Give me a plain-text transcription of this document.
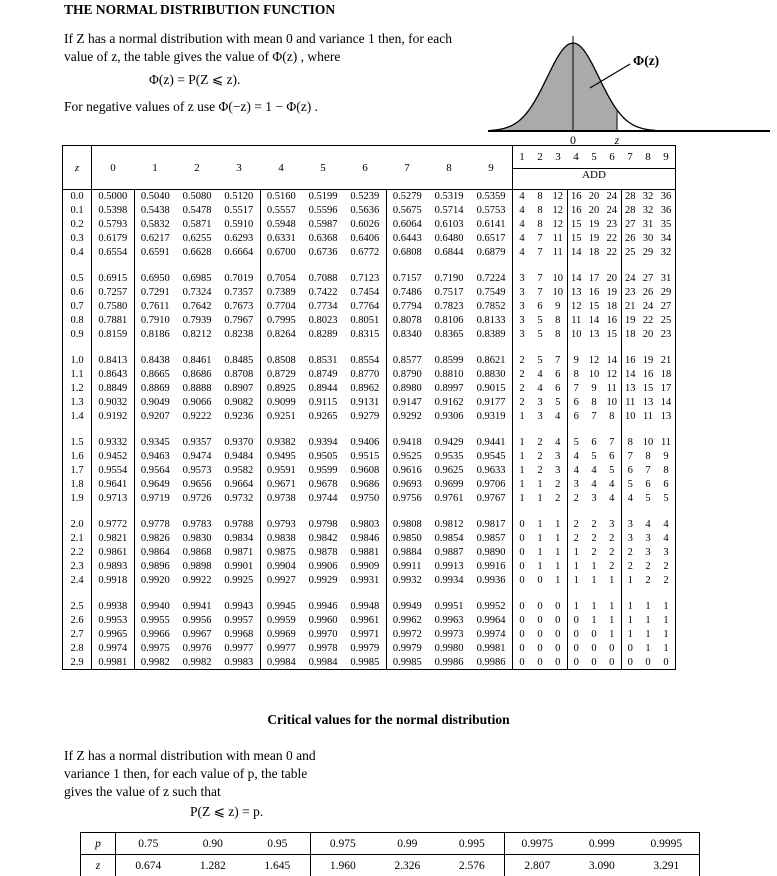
THE NORMAL DISTRIBUTION FUNCTION
If Z has a normal distribution with mean 0 and variance 1 then, for each
value of z, the table gives the value of Φ(z) , where
Φ(z) = P(Z ⩽ z).
For negative values of z use Φ(−z) = 1 − Φ(z) .
Φ(z)
0	z
z	0	1	2	3	4	5	6	7	8	9	1	2	3	4	5	6	7	8	9
											ADD								
0.0	0.5000	0.5040	0.5080	0.5120	0.5160	0.5199	0.5239	0.5279	0.5319	0.5359	4	8	12	16	20	24	28	32	36
0.1	0.5398	0.5438	0.5478	0.5517	0.5557	0.5596	0.5636	0.5675	0.5714	0.5753	4	8	12	16	20	24	28	32	36
0.2	0.5793	0.5832	0.5871	0.5910	0.5948	0.5987	0.6026	0.6064	0.6103	0.6141	4	8	12	15	19	23	27	31	35
0.3	0.6179	0.6217	0.6255	0.6293	0.6331	0.6368	0.6406	0.6443	0.6480	0.6517	4	7	11	15	19	22	26	30	34
0.4	0.6554	0.6591	0.6628	0.6664	0.6700	0.6736	0.6772	0.6808	0.6844	0.6879	4	7	11	14	18	22	25	29	32

0.5	0.6915	0.6950	0.6985	0.7019	0.7054	0.7088	0.7123	0.7157	0.7190	0.7224	3	7	10	14	17	20	24	27	31
0.6	0.7257	0.7291	0.7324	0.7357	0.7389	0.7422	0.7454	0.7486	0.7517	0.7549	3	7	10	13	16	19	23	26	29
0.7	0.7580	0.7611	0.7642	0.7673	0.7704	0.7734	0.7764	0.7794	0.7823	0.7852	3	6	9	12	15	18	21	24	27
0.8	0.7881	0.7910	0.7939	0.7967	0.7995	0.8023	0.8051	0.8078	0.8106	0.8133	3	5	8	11	14	16	19	22	25
0.9	0.8159	0.8186	0.8212	0.8238	0.8264	0.8289	0.8315	0.8340	0.8365	0.8389	3	5	8	10	13	15	18	20	23

1.0	0.8413	0.8438	0.8461	0.8485	0.8508	0.8531	0.8554	0.8577	0.8599	0.8621	2	5	7	9	12	14	16	19	21
1.1	0.8643	0.8665	0.8686	0.8708	0.8729	0.8749	0.8770	0.8790	0.8810	0.8830	2	4	6	8	10	12	14	16	18
1.2	0.8849	0.8869	0.8888	0.8907	0.8925	0.8944	0.8962	0.8980	0.8997	0.9015	2	4	6	7	9	11	13	15	17
1.3	0.9032	0.9049	0.9066	0.9082	0.9099	0.9115	0.9131	0.9147	0.9162	0.9177	2	3	5	6	8	10	11	13	14
1.4	0.9192	0.9207	0.9222	0.9236	0.9251	0.9265	0.9279	0.9292	0.9306	0.9319	1	3	4	6	7	8	10	11	13

1.5	0.9332	0.9345	0.9357	0.9370	0.9382	0.9394	0.9406	0.9418	0.9429	0.9441	1	2	4	5	6	7	8	10	11
1.6	0.9452	0.9463	0.9474	0.9484	0.9495	0.9505	0.9515	0.9525	0.9535	0.9545	1	2	3	4	5	6	7	8	9
1.7	0.9554	0.9564	0.9573	0.9582	0.9591	0.9599	0.9608	0.9616	0.9625	0.9633	1	2	3	4	4	5	6	7	8
1.8	0.9641	0.9649	0.9656	0.9664	0.9671	0.9678	0.9686	0.9693	0.9699	0.9706	1	1	2	3	4	4	5	6	6
1.9	0.9713	0.9719	0.9726	0.9732	0.9738	0.9744	0.9750	0.9756	0.9761	0.9767	1	1	2	2	3	4	4	5	5

2.0	0.9772	0.9778	0.9783	0.9788	0.9793	0.9798	0.9803	0.9808	0.9812	0.9817	0	1	1	2	2	3	3	4	4
2.1	0.9821	0.9826	0.9830	0.9834	0.9838	0.9842	0.9846	0.9850	0.9854	0.9857	0	1	1	2	2	2	3	3	4
2.2	0.9861	0.9864	0.9868	0.9871	0.9875	0.9878	0.9881	0.9884	0.9887	0.9890	0	1	1	1	2	2	2	3	3
2.3	0.9893	0.9896	0.9898	0.9901	0.9904	0.9906	0.9909	0.9911	0.9913	0.9916	0	1	1	1	1	2	2	2	2
2.4	0.9918	0.9920	0.9922	0.9925	0.9927	0.9929	0.9931	0.9932	0.9934	0.9936	0	0	1	1	1	1	1	2	2

2.5	0.9938	0.9940	0.9941	0.9943	0.9945	0.9946	0.9948	0.9949	0.9951	0.9952	0	0	0	1	1	1	1	1	1
2.6	0.9953	0.9955	0.9956	0.9957	0.9959	0.9960	0.9961	0.9962	0.9963	0.9964	0	0	0	0	1	1	1	1	1
2.7	0.9965	0.9966	0.9967	0.9968	0.9969	0.9970	0.9971	0.9972	0.9973	0.9974	0	0	0	0	0	1	1	1	1
2.8	0.9974	0.9975	0.9976	0.9977	0.9977	0.9978	0.9979	0.9979	0.9980	0.9981	0	0	0	0	0	0	0	1	1
2.9	0.9981	0.9982	0.9982	0.9983	0.9984	0.9984	0.9985	0.9985	0.9986	0.9986	0	0	0	0	0	0	0	0	0
Critical values for the normal distribution
If Z has a normal distribution with mean 0 and
variance 1 then, for each value of p, the table
gives the value of z such that
P(Z ⩽ z) = p.
p	0.75	0.90	0.95	0.975	0.99	0.995	0.9975	0.999	0.9995
z	0.674	1.282	1.645	1.960	2.326	2.576	2.807	3.090	3.291
